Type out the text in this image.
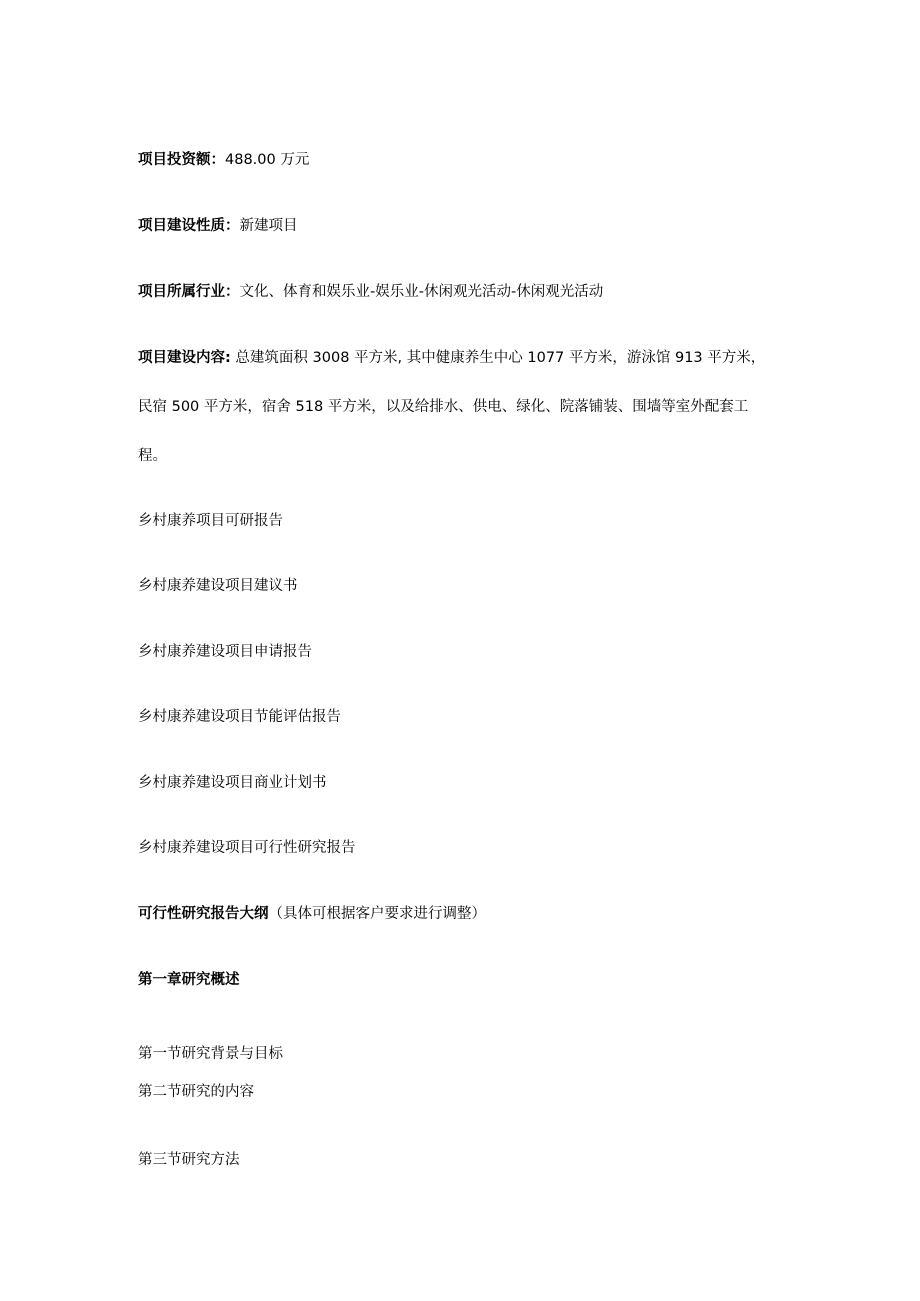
项目投资额：488.00 万元
项目建设性质：新建项目
项目所属行业：文化、体育和娱乐业-娱乐业-休闲观光活动-休闲观光活动
项目建设内容: 总建筑面积 3008 平方米, 其中健康养生中心 1077 平方米，游泳馆 913 平方米，
民宿 500 平方米，宿舍 518 平方米，以及给排水、供电、绿化、院落铺装、围墙等室外配套工
程。
乡村康养项目可研报告
乡村康养建设项目建议书
乡村康养建设项目申请报告
乡村康养建设项目节能评估报告
乡村康养建设项目商业计划书
乡村康养建设项目可行性研究报告
可行性研究报告大纲（具体可根据客户要求进行调整）
第一章研究概述
第一节研究背景与目标
第二节研究的内容
第三节研究方法
